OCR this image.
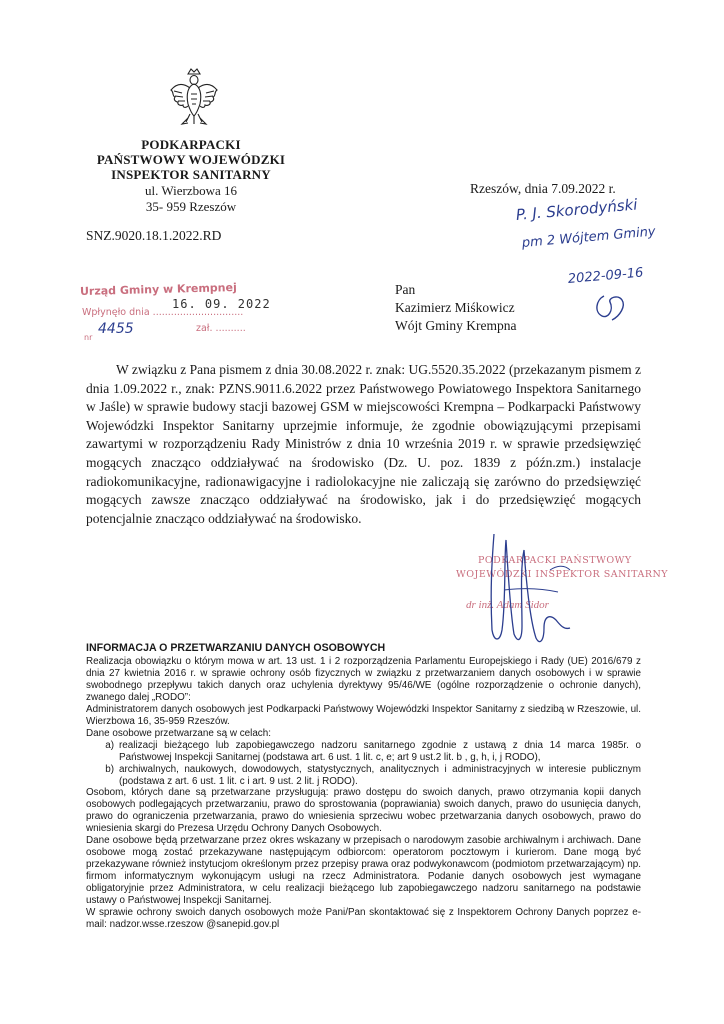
PODKARPACKI
PAŃSTWOWY WOJEWÓDZKI
INSPEKTOR SANITARNY
ul. Wierzbowa 16
35- 959 Rzeszów
Rzeszów, dnia 7.09.2022 r.
SNZ.9020.18.1.2022.RD
P. J. Skorodyński
pm 2 Wójtem Gminy
2022-09-16
Urząd Gminy w Krempnej
16. 09. 2022
Wpłynęło dnia ..............................
nr
4455	zał. ..........
Pan
Kazimierz Miśkowicz
Wójt Gminy Krempna
W związku z Pana pismem z dnia 30.08.2022 r. znak: UG.5520.35.2022 (przekazanym pismem z dnia 1.09.2022 r., znak: PZNS.9011.6.2022 przez Państwowego Powiatowego Inspektora Sanitarnego w Jaśle) w sprawie budowy stacji bazowej GSM w miejscowości Krempna – Podkarpacki Państwowy Wojewódzki Inspektor Sanitarny uprzejmie informuje, że zgodnie obowiązującymi przepisami zawartymi w rozporządzeniu Rady Ministrów z dnia 10 września 2019 r. w sprawie przedsięwzięć mogących znacząco oddziaływać na środowisko (Dz. U. poz. 1839 z późn.zm.) instalacje radiokomunikacyjne, radionawigacyjne i radiolokacyjne nie zaliczają się zarówno do przedsięwzięć mogących zawsze znacząco oddziaływać na środowisko, jak i do przedsięwzięć mogących potencjalnie znacząco oddziaływać na środowisko.
PODKARPACKI PAŃSTWOWY
WOJEWÓDZKI INSPEKTOR SANITARNY
dr inż. Adam Sidor
INFORMACJA O PRZETWARZANIU DANYCH OSOBOWYCH

Realizacja obowiązku o którym mowa w art. 13 ust. 1 i 2 rozporządzenia Parlamentu Europejskiego i Rady (UE) 2016/679 z dnia 27 kwietnia 2016 r. w sprawie ochrony osób fizycznych w związku z przetwarzaniem danych osobowych i w sprawie swobodnego przepływu takich danych oraz uchylenia dyrektywy 95/46/WE (ogólne rozporządzenie o ochronie danych), zwanego dalej „RODO”:

Administratorem danych osobowych jest Podkarpacki Państwowy Wojewódzki Inspektor Sanitarny z siedzibą w Rzeszowie, ul. Wierzbowa 16, 35-959 Rzeszów.

Dane osobowe przetwarzane są w celach:

a) realizacji bieżącego lub zapobiegawczego nadzoru sanitarnego zgodnie z ustawą z dnia 14 marca 1985r. o Państwowej Inspekcji Sanitarnej (podstawa art. 6 ust. 1 lit. c, e; art 9 ust.2 lit. b , g, h, i, j RODO),
b) archiwalnych, naukowych, dowodowych, statystycznych, analitycznych i administracyjnych w interesie publicznym (podstawa z art. 6 ust. 1 lit. c i art. 9 ust. 2 lit. j RODO).

Osobom, których dane są przetwarzane przysługują: prawo dostępu do swoich danych, prawo otrzymania kopii danych osobowych podlegających przetwarzaniu, prawo do sprostowania (poprawiania) swoich danych, prawo do usunięcia danych, prawo do ograniczenia przetwarzania, prawo do wniesienia sprzeciwu wobec przetwarzania danych osobowych, prawo do wniesienia skargi do Prezesa Urzędu Ochrony Danych Osobowych.

Dane osobowe będą przetwarzane przez okres wskazany w przepisach o narodowym zasobie archiwalnym i archiwach. Dane osobowe mogą zostać przekazywane następującym odbiorcom: operatorom pocztowym i kurierom. Dane mogą być przekazywane również instytucjom określonym przez przepisy prawa oraz podwykonawcom (podmiotom przetwarzającym) np. firmom informatycznym wykonującym usługi na rzecz Administratora. Podanie danych osobowych jest wymagane obligatoryjnie przez Administratora, w celu realizacji bieżącego lub zapobiegawczego nadzoru sanitarnego na podstawie ustawy o Państwowej Inspekcji Sanitarnej.

W sprawie ochrony swoich danych osobowych może Pani/Pan skontaktować się z Inspektorem Ochrony Danych poprzez e-mail: nadzor.wsse.rzeszow @sanepid.gov.pl
